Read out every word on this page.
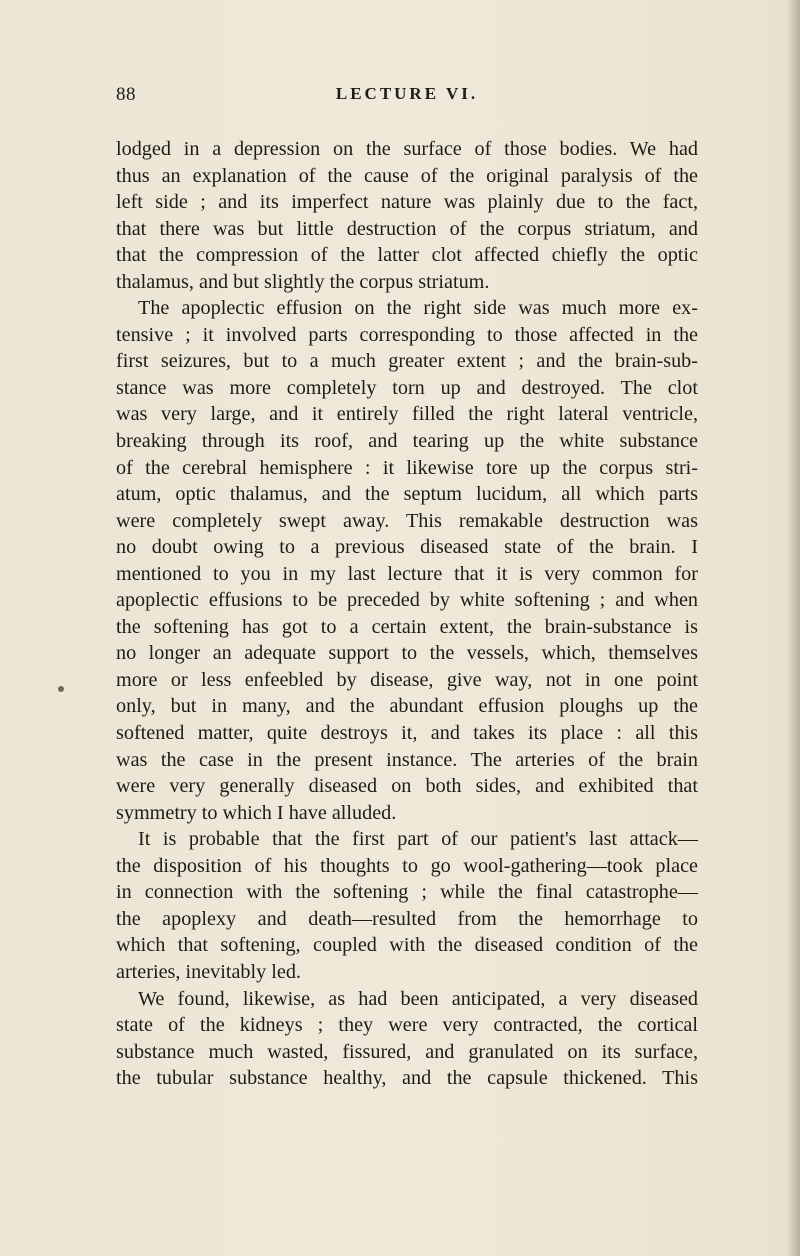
88	LECTURE VI.

lodged in a depression on the surface of those bodies. We had

thus an explanation of the cause of the original paralysis of the

left side ; and its imperfect nature was plainly due to the fact,

that there was but little destruction of the corpus striatum, and

that the compression of the latter clot affected chiefly the optic

thalamus, and but slightly the corpus striatum.

The apoplectic effusion on the right side was much more ex-

tensive ; it involved parts corresponding to those affected in the

first seizures, but to a much greater extent ; and the brain-sub-

stance was more completely torn up and destroyed. The clot

was very large, and it entirely filled the right lateral ventricle,

breaking through its roof, and tearing up the white substance

of the cerebral hemisphere : it likewise tore up the corpus stri-

atum, optic thalamus, and the septum lucidum, all which parts

were completely swept away. This remakable destruction was

no doubt owing to a previous diseased state of the brain. I

mentioned to you in my last lecture that it is very common for

apoplectic effusions to be preceded by white softening ; and when

the softening has got to a certain extent, the brain-substance is

no longer an adequate support to the vessels, which, themselves

more or less enfeebled by disease, give way, not in one point

only, but in many, and the abundant effusion ploughs up the

softened matter, quite destroys it, and takes its place : all this

was the case in the present instance. The arteries of the brain

were very generally diseased on both sides, and exhibited that

symmetry to which I have alluded.

It is probable that the first part of our patient's last attack—

the disposition of his thoughts to go wool-gathering—took place

in connection with the softening ; while the final catastrophe—

the apoplexy and death—resulted from the hemorrhage to

which that softening, coupled with the diseased condition of the

arteries, inevitably led.

We found, likewise, as had been anticipated, a very diseased

state of the kidneys ; they were very contracted, the cortical

substance much wasted, fissured, and granulated on its surface,

the tubular substance healthy, and the capsule thickened. This
